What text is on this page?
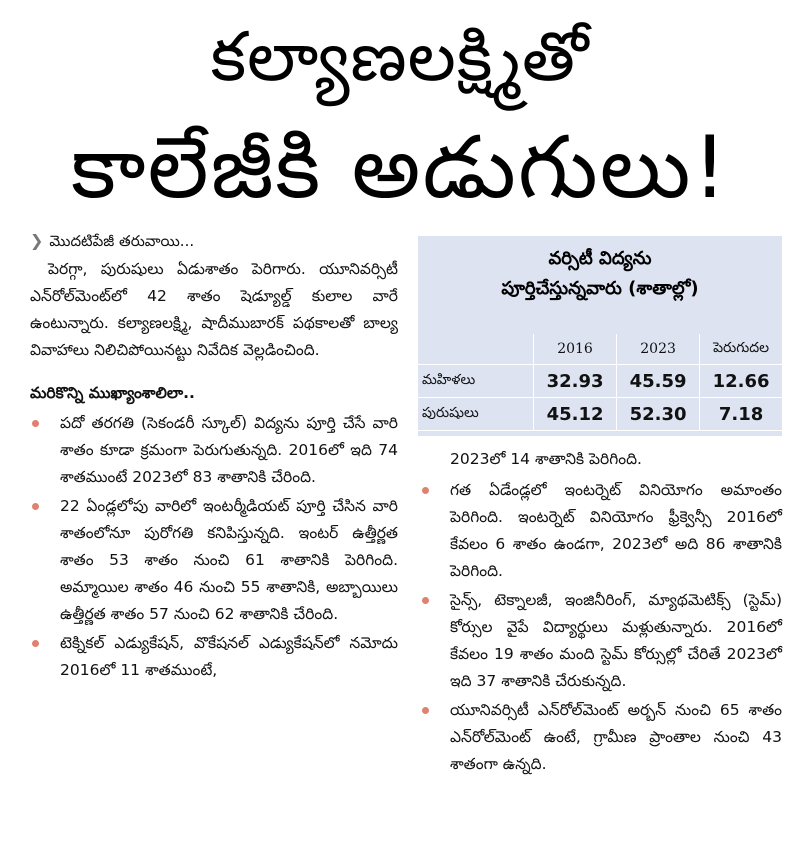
కల్యాణలక్ష్మితో
కాలేజీకి అడుగులు!
❯ మొదటిపేజీ తరువాయి...

పెరగ్గా, పురుషులు ఏడుశాతం పెరిగారు. యూనివర్సిటీ ఎన్‌రోల్‌మెంట్‌లో 42 శాతం షెడ్యూల్డ్ కులాల వారే ఉంటున్నారు. కల్యాణలక్ష్మి, షాదీముబారక్ పథకాలతో బాల్య వివాహాలు నిలిచిపోయినట్టు నివేదిక వెల్లడించింది.

మరికొన్ని ముఖ్యాంశాలిలా..
పదో తరగతి (సెకండరీ స్కూల్) విద్యను పూర్తి చేసే వారి శాతం కూడా క్రమంగా పెరుగుతున్నది. 2016లో ఇది 74 శాతముంటే 2023లో 83 శాతానికి చేరింది.
22 ఏండ్లలోపు వారిలో ఇంటర్మీడియట్ పూర్తి చేసిన వారి శాతంలోనూ పురోగతి కనిపిస్తున్నది. ఇంటర్ ఉత్తీర్ణత శాతం 53 శాతం నుంచి 61 శాతానికి పెరిగింది. అమ్మాయిల శాతం 46 నుంచి 55 శాతానికి, అబ్బాయిలు ఉత్తీర్ణత శాతం 57 నుంచి 62 శాతానికి చేరింది.
టెక్నికల్ ఎడ్యుకేషన్, వొకేషనల్ ఎడ్యుకేషన్‌లో నమోదు 2016లో 11 శాతముంటే,
వర్సిటీ విద్యను
పూర్తిచేస్తున్నవారు (శాతాల్లో)
	2016	2023	పెరుగుదల
మహిళలు	32.93	45.59	12.66
పురుషులు	45.12	52.30	7.18
2023లో 14 శాతానికి పెరిగింది.
గత ఏడేండ్లలో ఇంటర్నెట్ వినియోగం అమాంతం పెరిగింది. ఇంటర్నెట్ వినియోగం ఫ్రీక్వెన్సీ 2016లో కేవలం 6 శాతం ఉండగా, 2023లో అది 86 శాతానికి పెరిగింది.
సైన్స్, టెక్నాలజీ, ఇంజినీరింగ్, మ్యాథమెటిక్స్ (స్టెమ్) కోర్సుల వైపే విద్యార్థులు మళ్లుతున్నారు. 2016లో కేవలం 19 శాతం మంది స్టెమ్ కోర్సుల్లో చేరితే 2023లో ఇది 37 శాతానికి చేరుకున్నది.
యూనివర్సిటీ ఎన్‌రోల్‌మెంట్ అర్బన్ నుంచి 65 శాతం ఎన్‌రోల్‌మెంట్ ఉంటే, గ్రామీణ ప్రాంతాల నుంచి 43 శాతంగా ఉన్నది.
